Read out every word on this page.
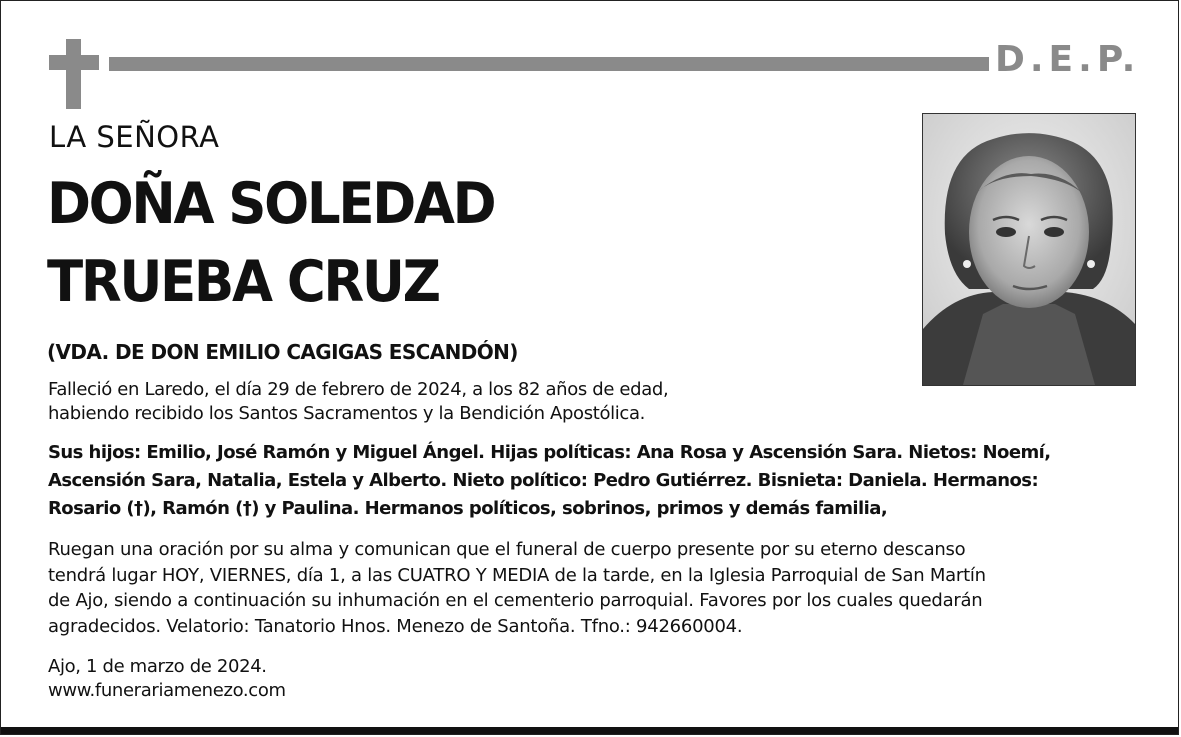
D.E.P.
LA SEÑORA
DOÑA SOLEDAD
TRUEBA CRUZ
(VDA. DE DON EMILIO CAGIGAS ESCANDÓN)

Falleció en Laredo, el día 29 de febrero de 2024, a los 82 años de edad,
habiendo recibido los Santos Sacramentos y la Bendición Apostólica.

Sus hijos: Emilio, José Ramón y Miguel Ángel. Hijas políticas: Ana Rosa y Ascensión Sara. Nietos: Noemí,
Ascensión Sara, Natalia, Estela y Alberto. Nieto político: Pedro Gutiérrez. Bisnieta: Daniela. Hermanos:
Rosario (†), Ramón (†) y Paulina. Hermanos políticos, sobrinos, primos y demás familia,

Ruegan una oración por su alma y comunican que el funeral de cuerpo presente por su eterno descanso
tendrá lugar HOY, VIERNES, día 1, a las CUATRO Y MEDIA de la tarde, en la Iglesia Parroquial de San Martín
de Ajo, siendo a continuación su inhumación en el cementerio parroquial. Favores por los cuales quedarán
agradecidos. Velatorio: Tanatorio Hnos. Menezo de Santoña. Tfno.: 942660004.

Ajo, 1 de marzo de 2024.
www.funerariamenezo.com
